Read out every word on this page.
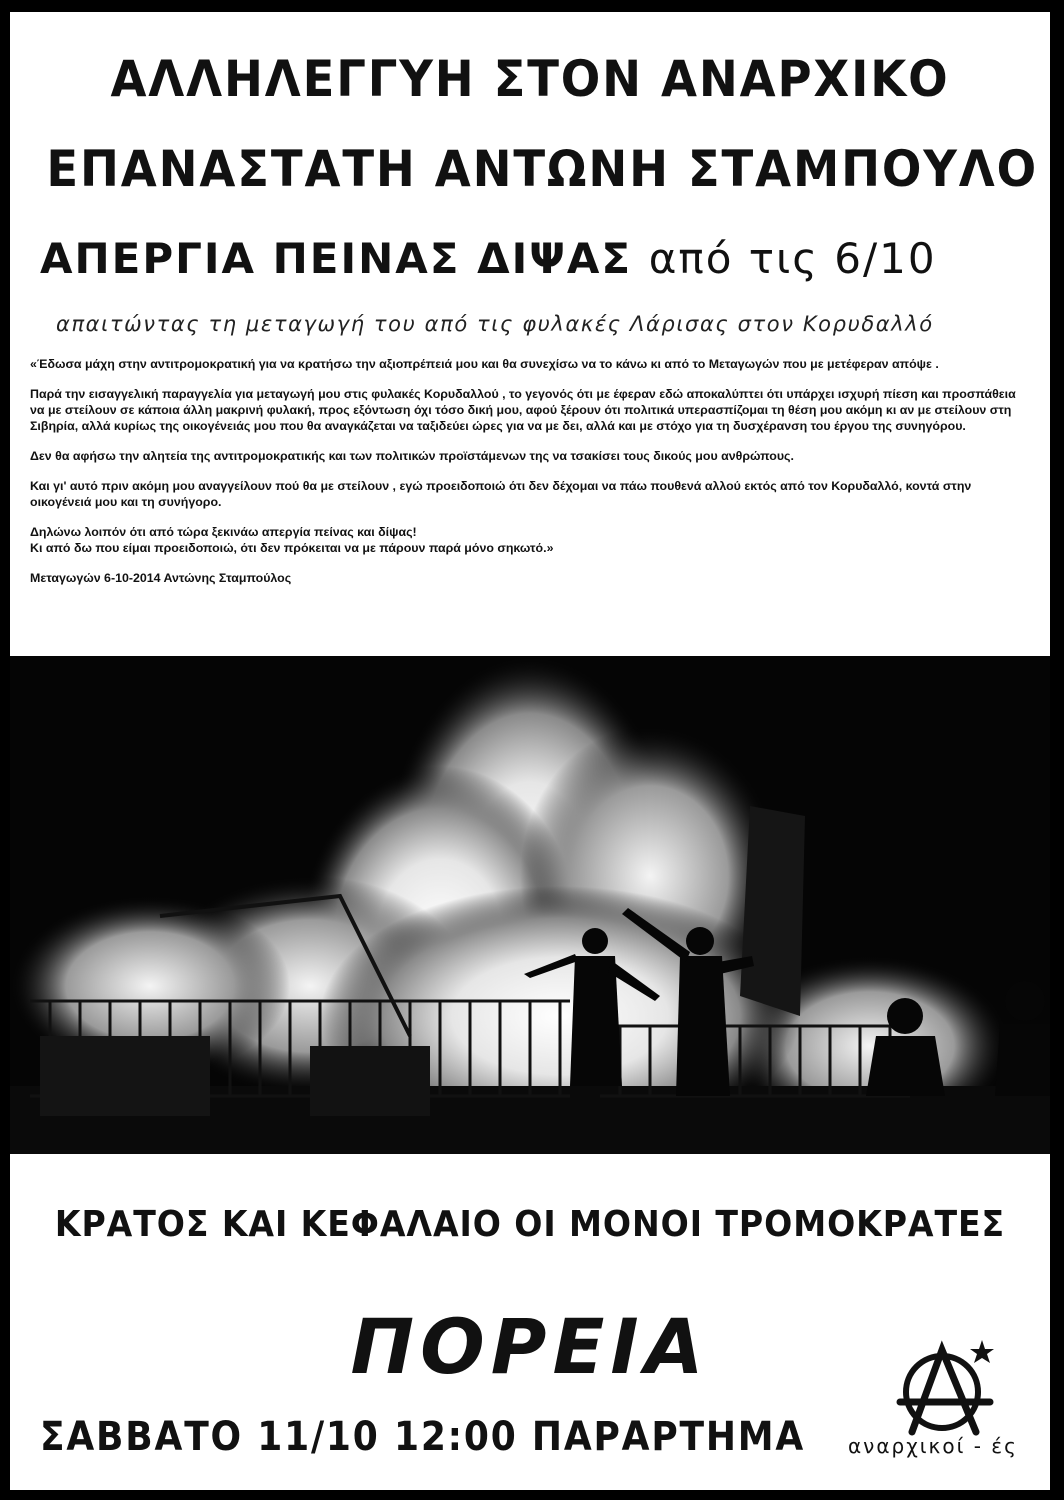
ΑΛΛΗΛΕΓΓΥΗ ΣΤΟΝ ΑΝΑΡΧΙΚΟ
ΕΠΑΝΑΣΤΑΤΗ ΑΝΤΩΝΗ ΣΤΑΜΠΟΥΛΟ
ΑΠΕΡΓΙΑ ΠΕΙΝΑΣ ΔΙΨΑΣ από τις 6/10
απαιτώντας τη μεταγωγή του από τις φυλακές Λάρισας στον Κορυδαλλό

«Έδωσα μάχη στην αντιτρομοκρατική για να κρατήσω την αξιοπρέπειά μου και θα συνεχίσω να το κάνω κι από το Μεταγωγών που με μετέφεραν απόψε .

Παρά την εισαγγελική παραγγελία για μεταγωγή μου στις φυλακές Κορυδαλλού , το γεγονός ότι με έφεραν εδώ αποκαλύπτει ότι υπάρχει ισχυρή πίεση και προσπάθεια να με στείλουν σε κάποια άλλη μακρινή φυλακή, προς εξόντωση όχι τόσο δική μου, αφού ξέρουν ότι πολιτικά υπερασπίζομαι τη θέση μου ακόμη κι αν με στείλουν στη Σιβηρία, αλλά κυρίως της οικογένειάς μου που θα αναγκάζεται να ταξιδεύει ώρες για να με δει, αλλά και με στόχο για τη δυσχέρανση του έργου της συνηγόρου.

Δεν θα αφήσω την αλητεία της αντιτρομοκρατικής και των πολιτικών προϊστάμενων της να τσακίσει τους δικούς μου ανθρώπους.

Και γι' αυτό πριν ακόμη μου αναγγείλουν πού θα με στείλουν , εγώ προειδοποιώ ότι δεν δέχομαι να πάω πουθενά αλλού εκτός από τον Κορυδαλλό, κοντά στην οικογένειά μου και τη συνήγορο.

Δηλώνω λοιπόν ότι από τώρα ξεκινάω απεργία πείνας και δίψας!
Κι από δω που είμαι προειδοποιώ, ότι δεν πρόκειται να με πάρουν παρά μόνο σηκωτό.»

Μεταγωγών 6-10-2014 Αντώνης Σταμπούλος

ΚΡΑΤΟΣ ΚΑΙ ΚΕΦΑΛΑΙΟ ΟΙ ΜΟΝΟΙ ΤΡΟΜΟΚΡΑΤΕΣ
ΠΟΡΕΙΑ
ΣΑΒΒΑΤΟ 11/10 12:00 ΠΑΡΑΡΤΗΜΑ αναρχικοί - ές
